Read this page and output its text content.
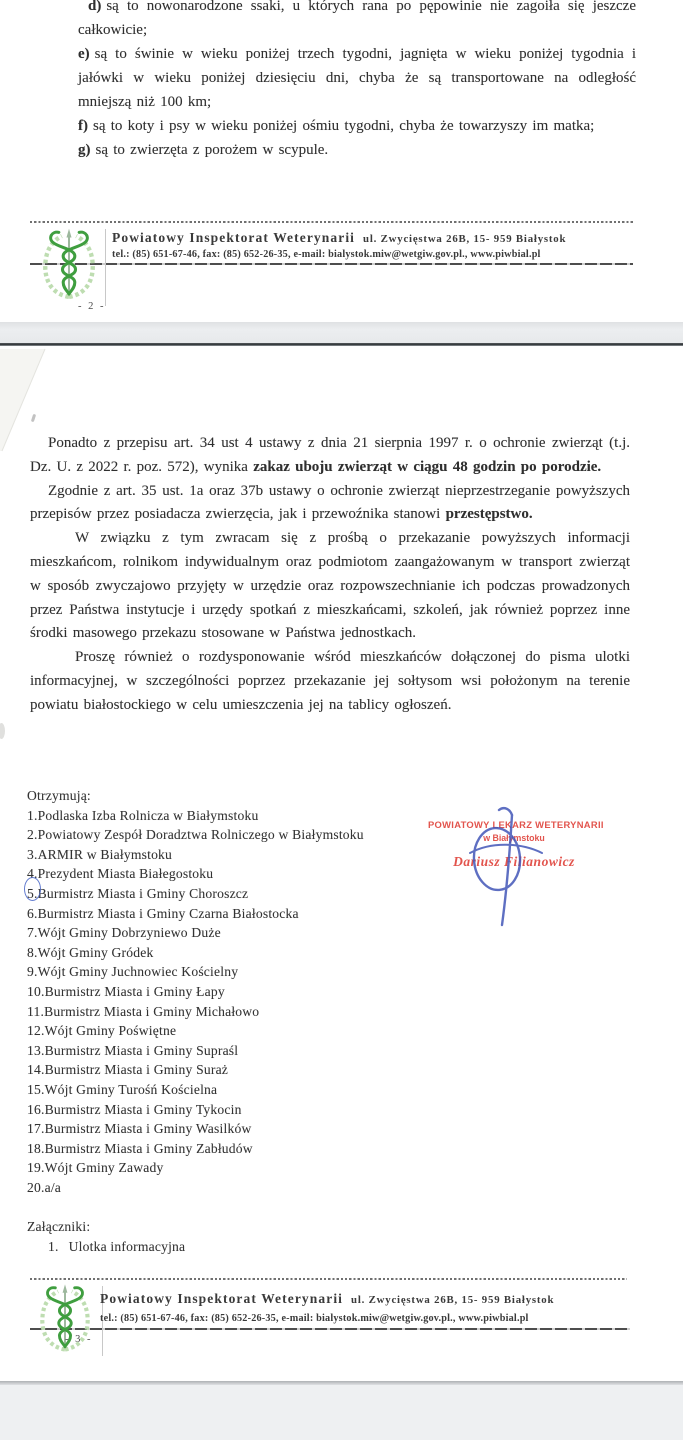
d) są to nowonarodzone ssaki, u których rana po pępowinie nie zagoiła się jeszcze całkowicie;

e) są to świnie w wieku poniżej trzech tygodni, jagnięta w wieku poniżej tygodnia i jałówki w wieku poniżej dziesięciu dni, chyba że są transportowane na odległość mniejszą niż 100 km;

f) są to koty i psy w wieku poniżej ośmiu tygodni, chyba że towarzyszy im matka;

g) są to zwierzęta z porożem w scypule.

Powiatowy Inspektorat Weterynarii ul. Zwycięstwa 26B, 15- 959 Białystok
tel.: (85) 651-67-46, fax: (85) 652-26-35, e-mail: bialystok.miw@wetgiw.gov.pl., www.piwbial.pl
- 2 -

Ponadto z przepisu art. 34 ust 4 ustawy z dnia 21 sierpnia 1997 r. o ochronie zwierząt (t.j. Dz. U. z 2022 r. poz. 572), wynika zakaz uboju zwierząt w ciągu 48 godzin po porodzie.

Zgodnie z art. 35 ust. 1a oraz 37b ustawy o ochronie zwierząt nieprzestrzeganie powyższych przepisów przez posiadacza zwierzęcia, jak i przewoźnika stanowi przestępstwo.

W związku z tym zwracam się z prośbą o przekazanie powyższych informacji mieszkańcom, rolnikom indywidualnym oraz podmiotom zaangażowanym w transport zwierząt w sposób zwyczajowo przyjęty w urzędzie oraz rozpowszechnianie ich podczas prowadzonych przez Państwa instytucje i urzędy spotkań z mieszkańcami, szkoleń, jak również poprzez inne środki masowego przekazu stosowane w Państwa jednostkach.

Proszę również o rozdysponowanie wśród mieszkańców dołączonej do pisma ulotki informacyjnej, w szczególności poprzez przekazanie jej sołtysom wsi położonym na terenie powiatu białostockiego w celu umieszczenia jej na tablicy ogłoszeń.

Otrzymują:
1.Podlaska Izba Rolnicza w Białymstoku
2.Powiatowy Zespół Doradztwa Rolniczego w Białymstoku
3.ARMIR w Białymstoku
4.Prezydent Miasta Białegostoku
5.Burmistrz Miasta i Gminy Choroszcz
6.Burmistrz Miasta i Gminy Czarna Białostocka
7.Wójt Gminy Dobrzyniewo Duże
8.Wójt Gminy Gródek
9.Wójt Gminy Juchnowiec Kościelny
10.Burmistrz Miasta i Gminy Łapy
11.Burmistrz Miasta i Gminy Michałowo
12.Wójt Gminy Poświętne
13.Burmistrz Miasta i Gminy Supraśl
14.Burmistrz Miasta i Gminy Suraż
15.Wójt Gminy Turośń Kościelna
16.Burmistrz Miasta i Gminy Tykocin
17.Burmistrz Miasta i Gminy Wasilków
18.Burmistrz Miasta i Gminy Zabłudów
19.Wójt Gminy Zawady
20.a/a
POWIATOWY LEKARZ WETERYNARII
w Białymstoku
Dariusz Filianowicz
Załączniki:
1. Ulotka informacyjna
Powiatowy Inspektorat Weterynarii ul. Zwycięstwa 26B, 15- 959 Białystok
tel.: (85) 651-67-46, fax: (85) 652-26-35, e-mail: bialystok.miw@wetgiw.gov.pl., www.piwbial.pl
- 3 -
